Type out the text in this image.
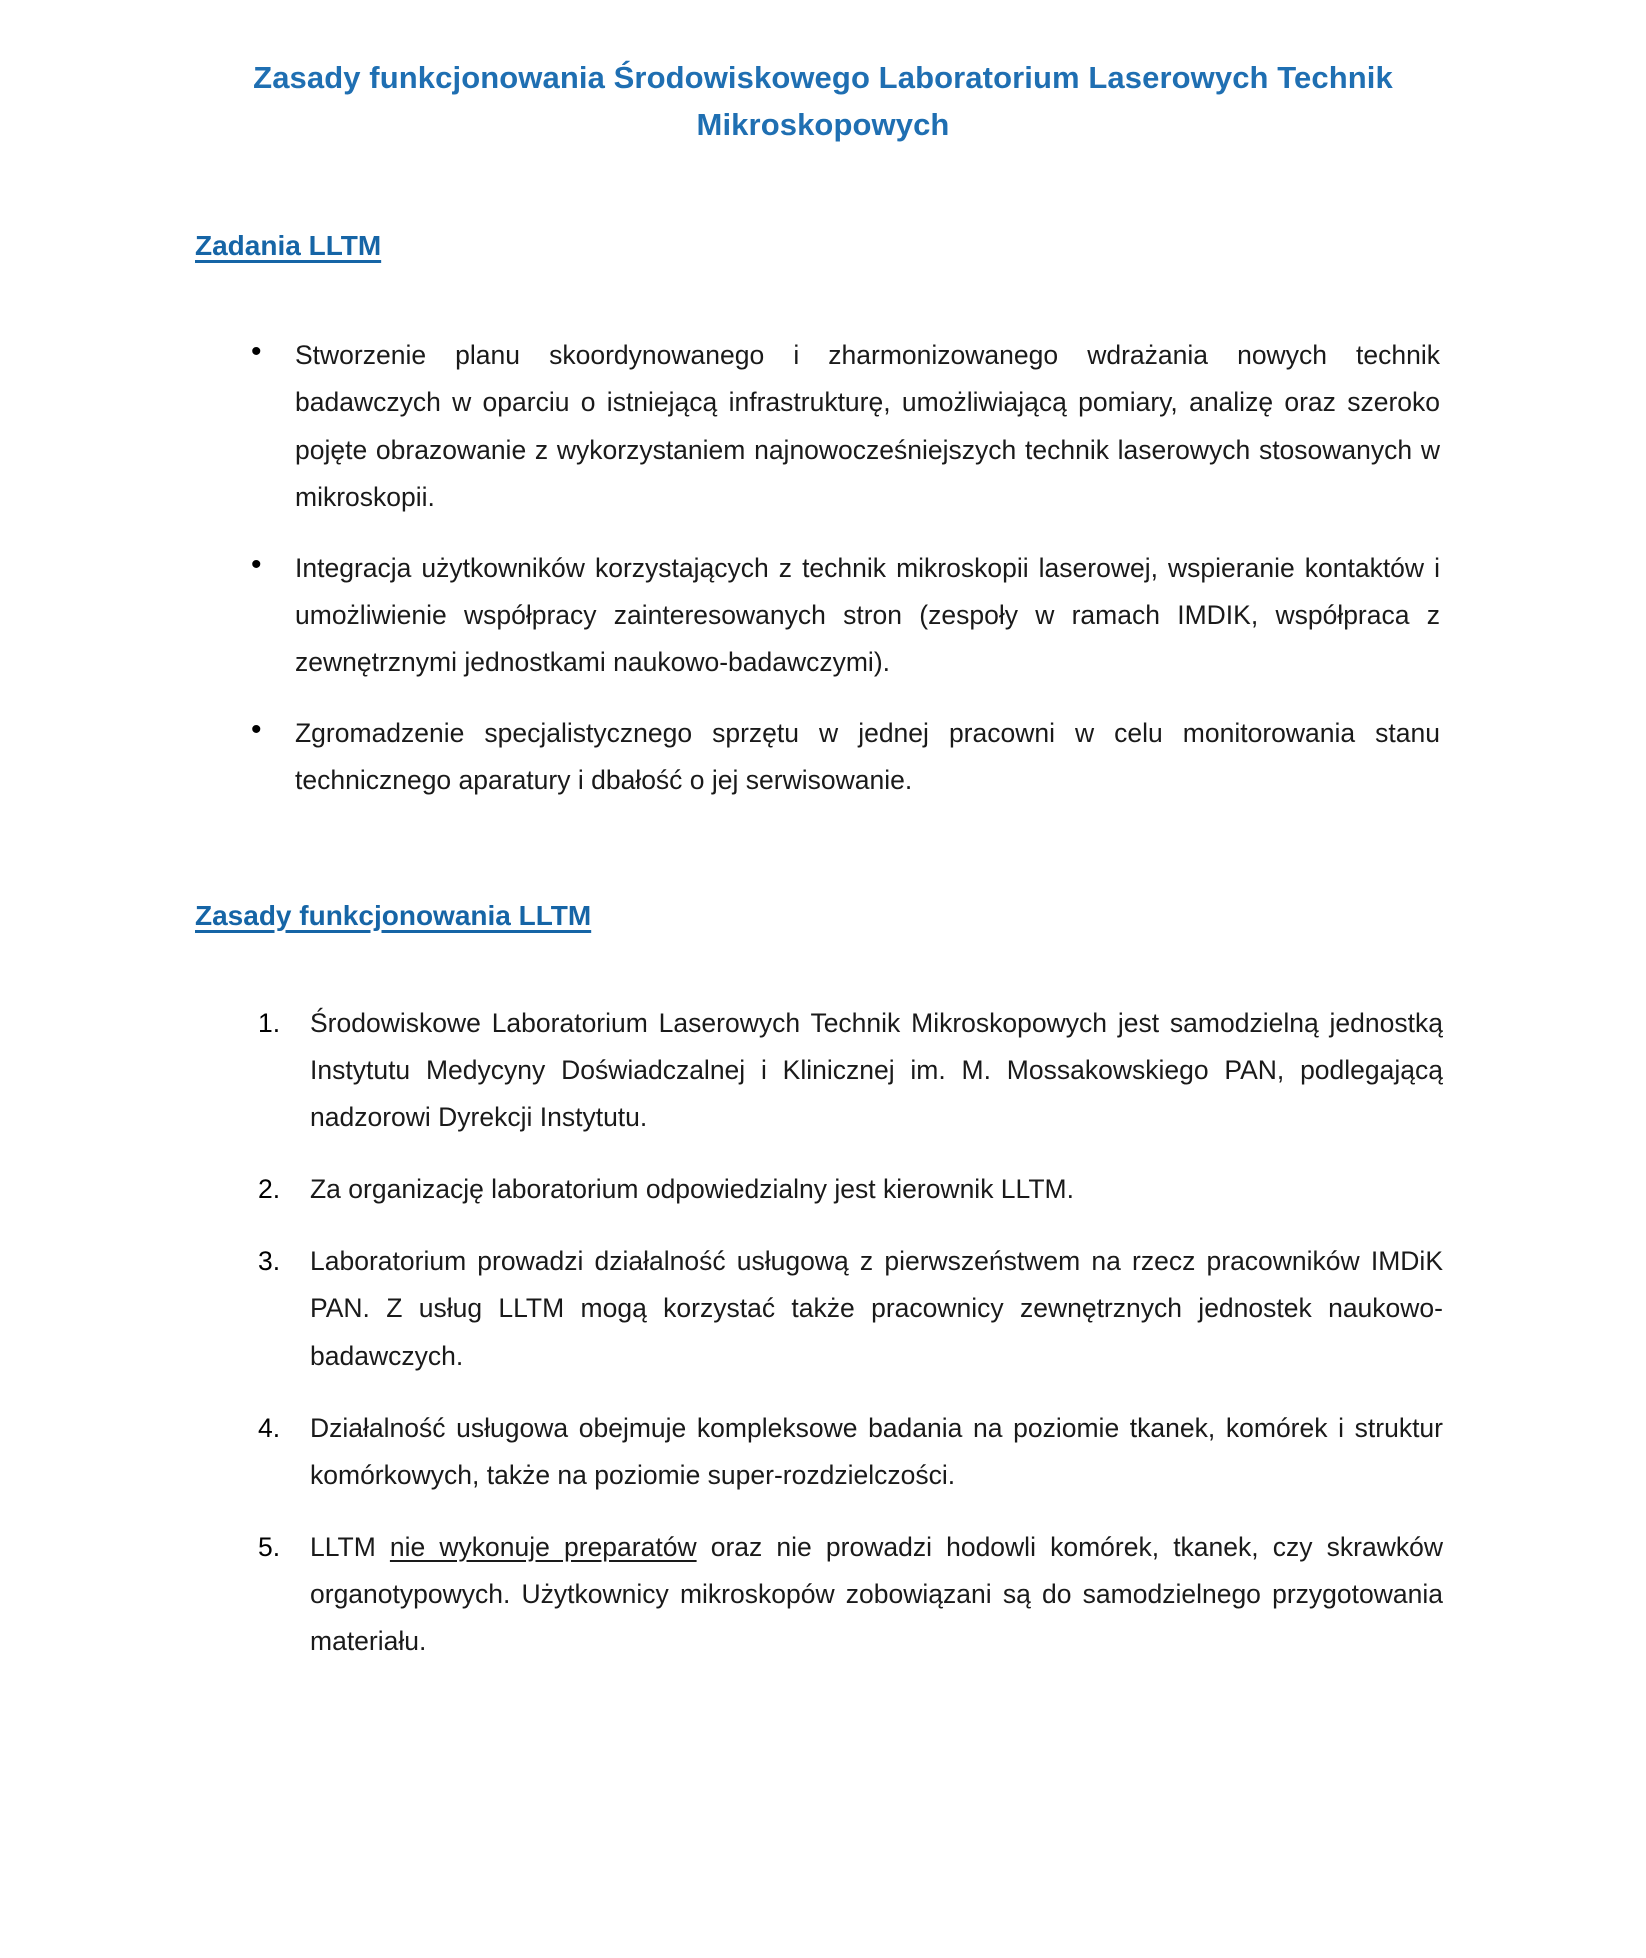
Zasady funkcjonowania Środowiskowego Laboratorium Laserowych Technik Mikroskopowych
Zadania LLTM

• Stworzenie planu skoordynowanego i zharmonizowanego wdrażania nowych technik badawczych w oparciu o istniejącą infrastrukturę, umożliwiającą pomiary, analizę oraz szeroko pojęte obrazowanie z wykorzystaniem najnowocześniejszych technik laserowych stosowanych w mikroskopii.

• Integracja użytkowników korzystających z technik mikroskopii laserowej, wspieranie kontaktów i umożliwienie współpracy zainteresowanych stron (zespoły w ramach IMDIK, współpraca z zewnętrznymi jednostkami naukowo-badawczymi).

• Zgromadzenie specjalistycznego sprzętu w jednej pracowni w celu monitorowania stanu technicznego aparatury i dbałość o jej serwisowanie.

Zasady funkcjonowania LLTM

Środowiskowe Laboratorium Laserowych Technik Mikroskopowych jest samodzielną jednostką Instytutu Medycyny Doświadczalnej i Klinicznej im. M. Mossakowskiego PAN, podlegającą nadzorowi Dyrekcji Instytutu.

Za organizację laboratorium odpowiedzialny jest kierownik LLTM.

Laboratorium prowadzi działalność usługową z pierwszeństwem na rzecz pracowników IMDiK PAN. Z usług LLTM mogą korzystać także pracownicy zewnętrznych jednostek naukowo-badawczych.

Działalność usługowa obejmuje kompleksowe badania na poziomie tkanek, komórek i struktur komórkowych, także na poziomie super-rozdzielczości.

LLTM nie wykonuje preparatów oraz nie prowadzi hodowli komórek, tkanek, czy skrawków organotypowych. Użytkownicy mikroskopów zobowiązani są do samodzielnego przygotowania materiału.
